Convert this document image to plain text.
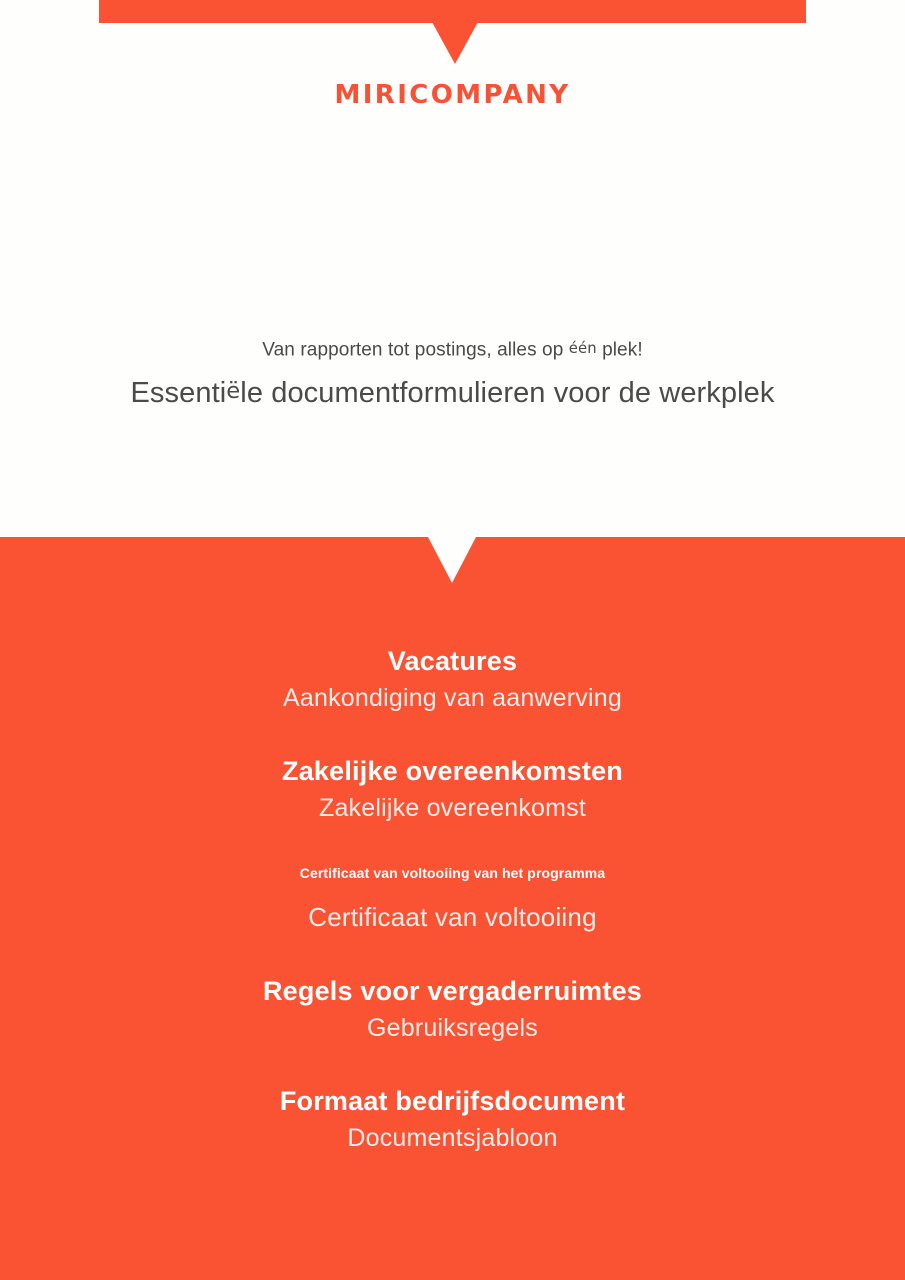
MIRICOMPANY
Van rapporten tot postings, alles op één plek!
Essentiële documentformulieren voor de werkplek
Vacatures
Aankondiging van aanwerving
Zakelijke overeenkomsten
Zakelijke overeenkomst
Certificaat van voltooiing van het programma
Certificaat van voltooiing
Regels voor vergaderruimtes
Gebruiksregels
Formaat bedrijfsdocument
Documentsjabloon
